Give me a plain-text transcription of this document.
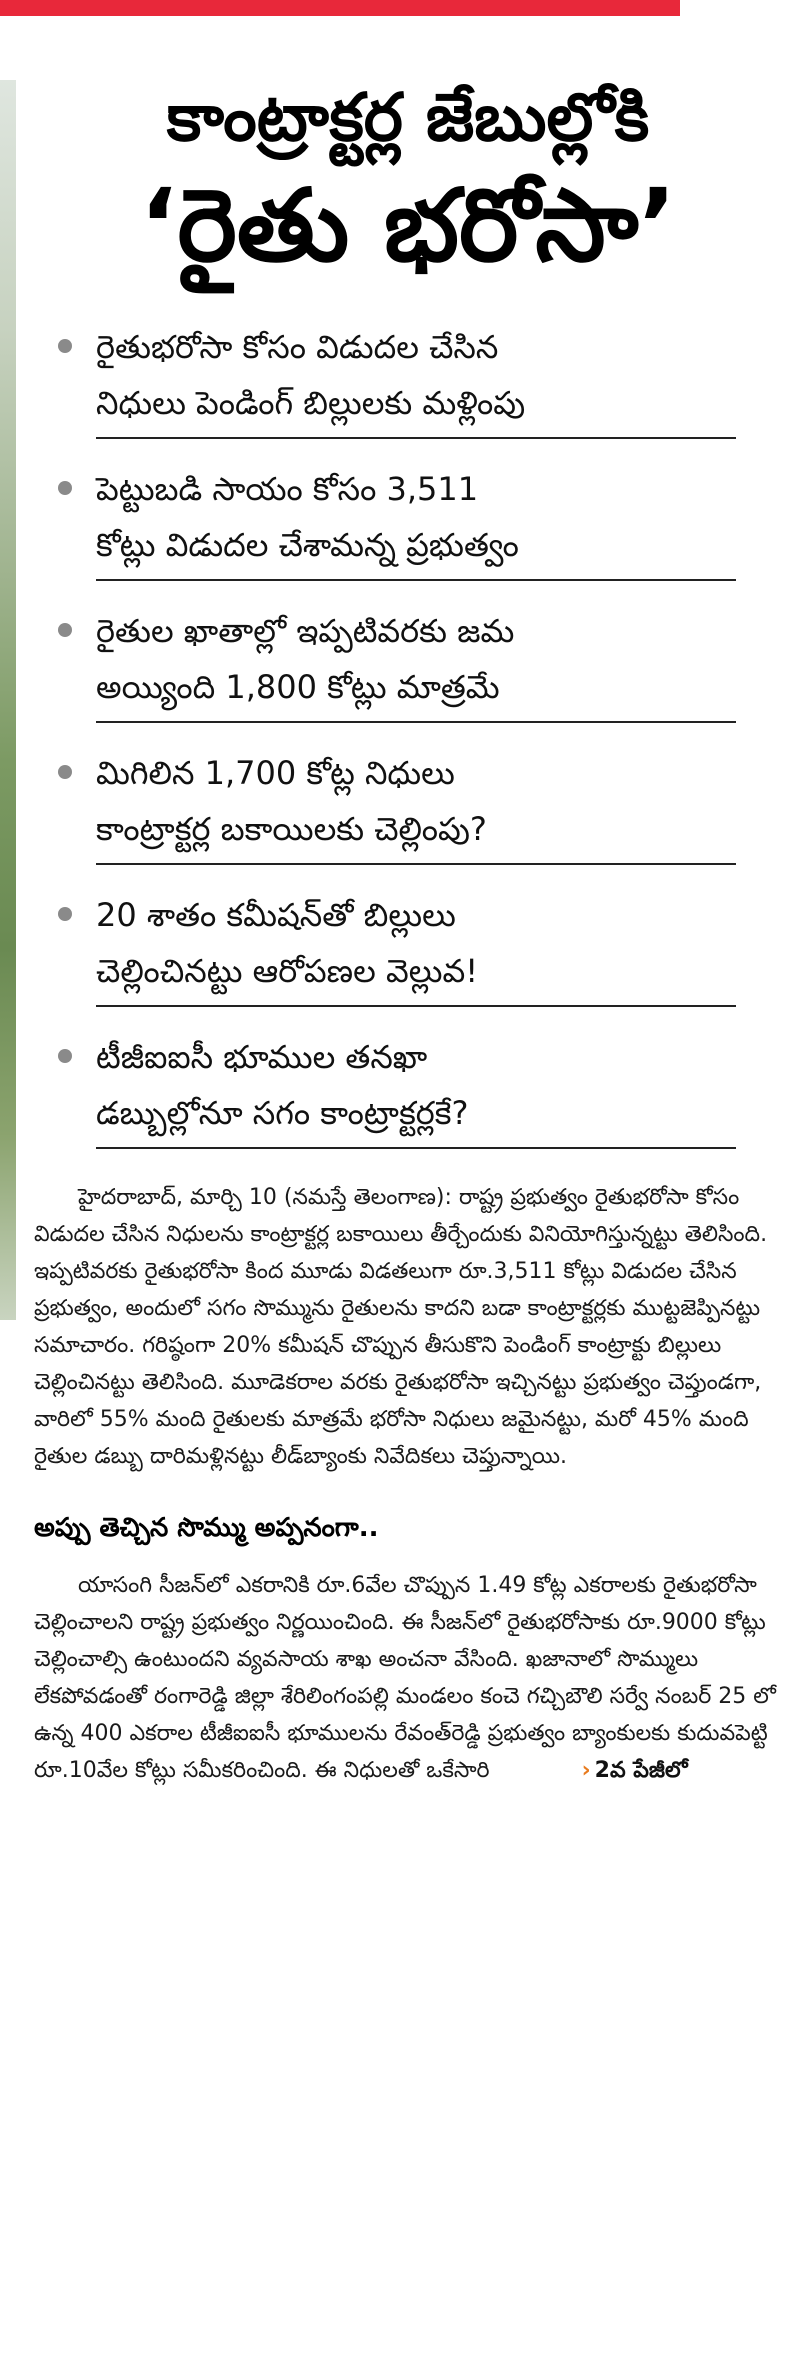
కాంట్రాక్టర్ల జేబుల్లోకి
‘రైతు భరోసా’
రైతుభరోసా కోసం విడుదల చేసిన
నిధులు పెండింగ్ బిల్లులకు మళ్లింపు
పెట్టుబడి సాయం కోసం 3,511
కోట్లు విడుదల చేశామన్న ప్రభుత్వం
రైతుల ఖాతాల్లో ఇప్పటివరకు జమ
అయ్యింది 1,800 కోట్లు మాత్రమే
మిగిలిన 1,700 కోట్ల నిధులు
కాంట్రాక్టర్ల బకాయిలకు చెల్లింపు?
20 శాతం కమీషన్‌తో బిల్లులు
చెల్లించినట్టు ఆరోపణల వెల్లువ!
టీజీఐఐసీ భూముల తనఖా
డబ్బుల్లోనూ సగం కాంట్రాక్టర్లకే?

హైదరాబాద్, మార్చి 10 (నమస్తే తెలంగాణ): రాష్ట్ర ప్రభుత్వం రైతుభరోసా కోసం విడుదల చేసిన నిధులను కాంట్రాక్టర్ల బకాయిలు తీర్చేందుకు వినియోగిస్తున్నట్టు తెలిసింది. ఇప్పటివరకు రైతుభరోసా కింద మూడు విడతలుగా రూ.3,511 కోట్లు విడుదల చేసిన ప్రభుత్వం, అందులో సగం సొమ్మును రైతులను కాదని బడా కాంట్రాక్టర్లకు ముట్టజెప్పినట్టు సమాచారం. గరిష్ఠంగా 20% కమీషన్ చొప్పున తీసుకొని పెండింగ్ కాంట్రాక్టు బిల్లులు చెల్లించినట్టు తెలిసింది. మూడెకరాల వరకు రైతుభరోసా ఇచ్చినట్టు ప్రభుత్వం చెప్తుండగా, వారిలో 55% మంది రైతులకు మాత్రమే భరోసా నిధులు జమైనట్టు, మరో 45% మంది రైతుల డబ్బు దారిమళ్లినట్టు లీడ్‌బ్యాంకు నివేదికలు చెప్తున్నాయి.

అప్పు తెచ్చిన సొమ్ము అప్పనంగా..

యాసంగి సీజన్‌లో ఎకరానికి రూ.6వేల చొప్పున 1.49 కోట్ల ఎకరాలకు రైతుభరోసా చెల్లించాలని రాష్ట్ర ప్రభుత్వం నిర్ణయించింది. ఈ సీజన్‌లో రైతుభరోసాకు రూ.9000 కోట్లు చెల్లించాల్సి ఉంటుందని వ్యవసాయ శాఖ అంచనా వేసింది. ఖజానాలో సొమ్ములు లేకపోవడంతో రంగారెడ్డి జిల్లా శేరిలింగంపల్లి మండలం కంచె గచ్చిబౌలి సర్వే నంబర్ 25 లో ఉన్న 400 ఎకరాల టీజీఐఐసీ భూములను రేవంత్‌రెడ్డి ప్రభుత్వం బ్యాంకులకు కుదువపెట్టి రూ.10వేల కోట్లు సమీకరించింది. ఈ నిధులతో ఒకేసారి	› 2వ పేజీలో
